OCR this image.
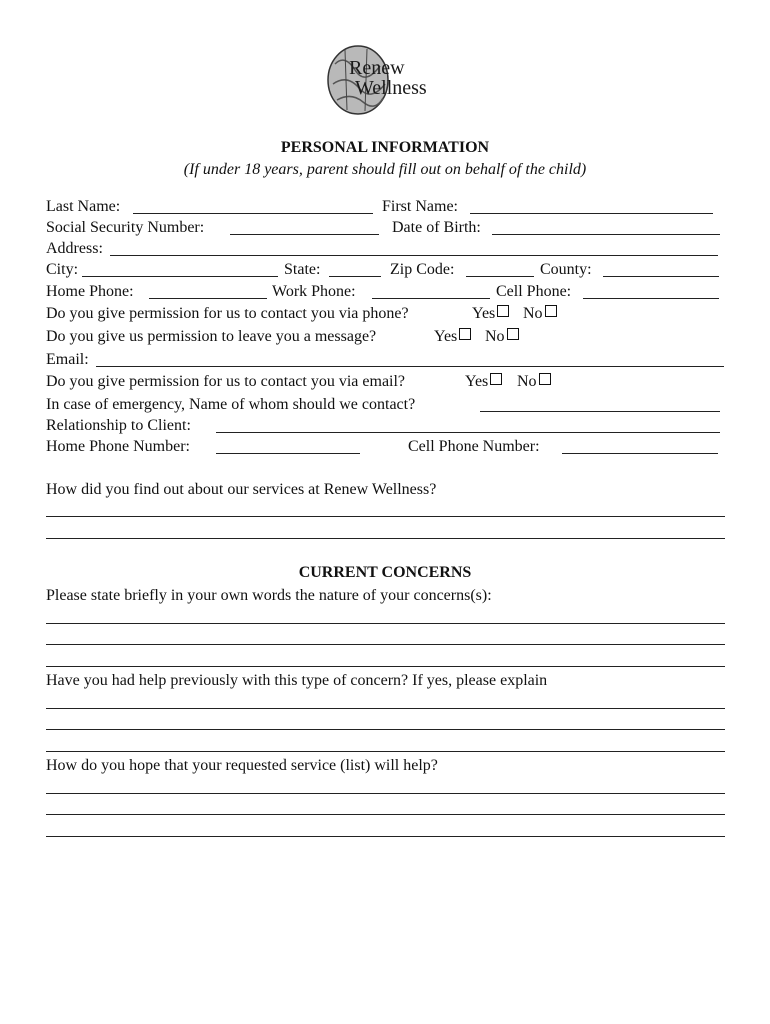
Renew
Wellness
PERSONAL INFORMATION
(If under 18 years, parent should fill out on behalf of the child)
Last Name:	First Name:
Social Security Number:	Date of Birth:
Address:
City:	State:	Zip Code:	County:
Home Phone:	Work Phone:	Cell Phone:
Do you give permission for us to contact you via phone?	Yes	No
Do you give us permission to leave you a message?	Yes	No
Email:
Do you give permission for us to contact you via email?	Yes	No
In case of emergency, Name of whom should we contact?
Relationship to Client:
Home Phone Number:	Cell Phone Number:
How did you find out about our services at Renew Wellness?
CURRENT CONCERNS
Please state briefly in your own words the nature of your concerns(s):
Have you had help previously with this type of concern? If yes, please explain
How do you hope that your requested service (list) will help?
